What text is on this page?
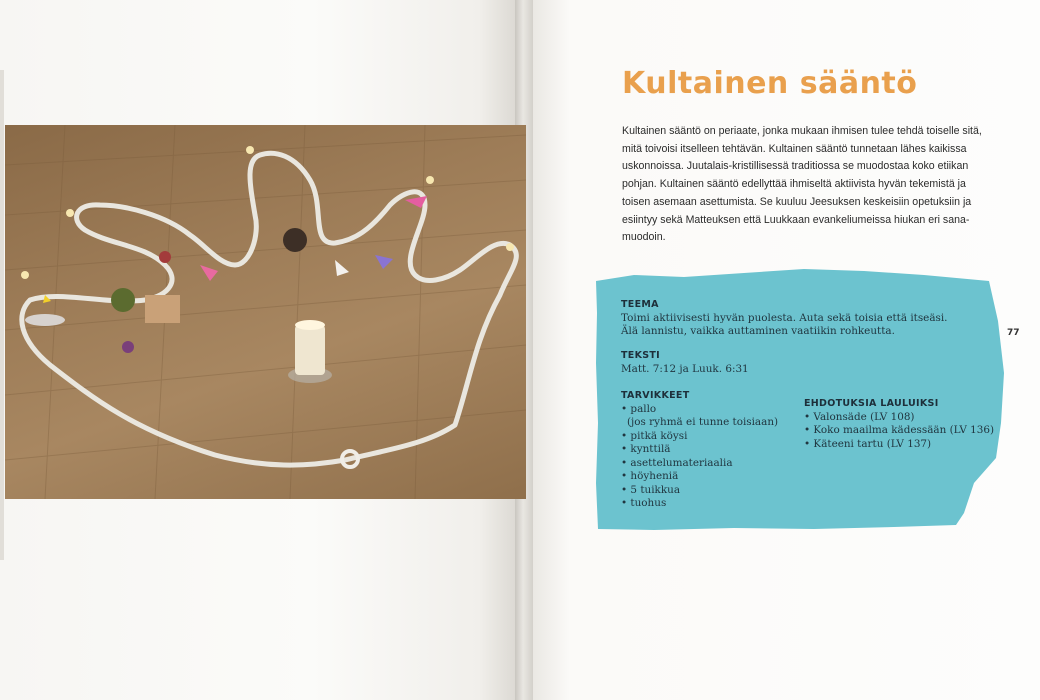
Kultainen sääntö
Kultainen sääntö on periaate, jonka mukaan ihmisen tulee tehdä toiselle sitä,
mitä toivoisi itselleen tehtävän. Kultainen sääntö tunnetaan lähes kaikissa
uskonnoissa. Juutalais-kristillisessä traditiossa se muodostaa koko etiikan
pohjan. Kultainen sääntö edellyttää ihmiseltä aktiivista hyvän tekemistä ja
toisen asemaan asettumista. Se kuuluu Jeesuksen keskeisiin opetuksiin ja
esiintyy sekä Matteuksen että Luukkaan evankeliumeissa hiukan eri sana-
muodoin.
TEEMA
Toimi aktiivisesti hyvän puolesta. Auta sekä toisia että itseäsi.
Älä lannistu, vaikka auttaminen vaatiikin rohkeutta.
TEKSTI
Matt. 7:12 ja Luuk. 6:31
TARVIKKEET
• pallo
(jos ryhmä ei tunne toisiaan)
• pitkä köysi
• kynttilä
• asettelumateriaalia
• höyheniä
• 5 tuikkua
• tuohus
EHDOTUKSIA LAULUIKSI
• Valonsäde (LV 108)
• Koko maailma kädessään (LV 136)
• Käteeni tartu (LV 137)
77
